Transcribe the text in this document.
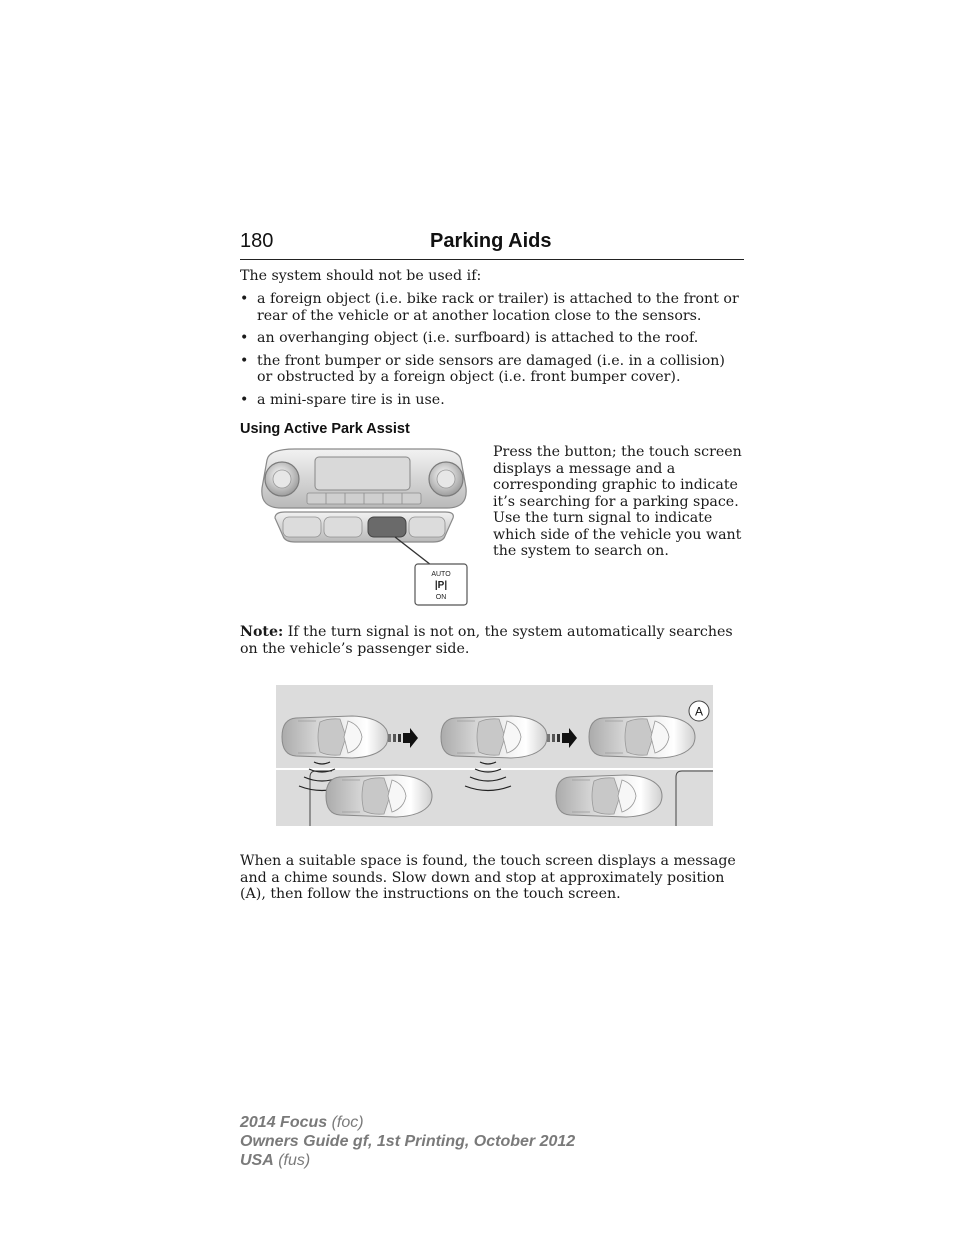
180	Parking Aids
The system should not be used if:
• a foreign object (i.e. bike rack or trailer) is attached to the front or rear of the vehicle or at another location close to the sensors.
• an overhanging object (i.e. surfboard) is attached to the roof.
• the front bumper or side sensors are damaged (i.e. in a collision) or obstructed by a foreign object (i.e. front bumper cover).
• a mini-spare tire is in use.
Using Active Park Assist
AUTO
|P|
ON
Press the button; the touch screen displays a message and a corresponding graphic to indicate it’s searching for a parking space. Use the turn signal to indicate which side of the vehicle you want the system to search on.
Note: If the turn signal is not on, the system automatically searches on the vehicle’s passenger side.
A
When a suitable space is found, the touch screen displays a message and a chime sounds. Slow down and stop at approximately position (A), then follow the instructions on the touch screen.
2014 Focus (foc)
Owners Guide gf, 1st Printing, October 2012
USA (fus)
